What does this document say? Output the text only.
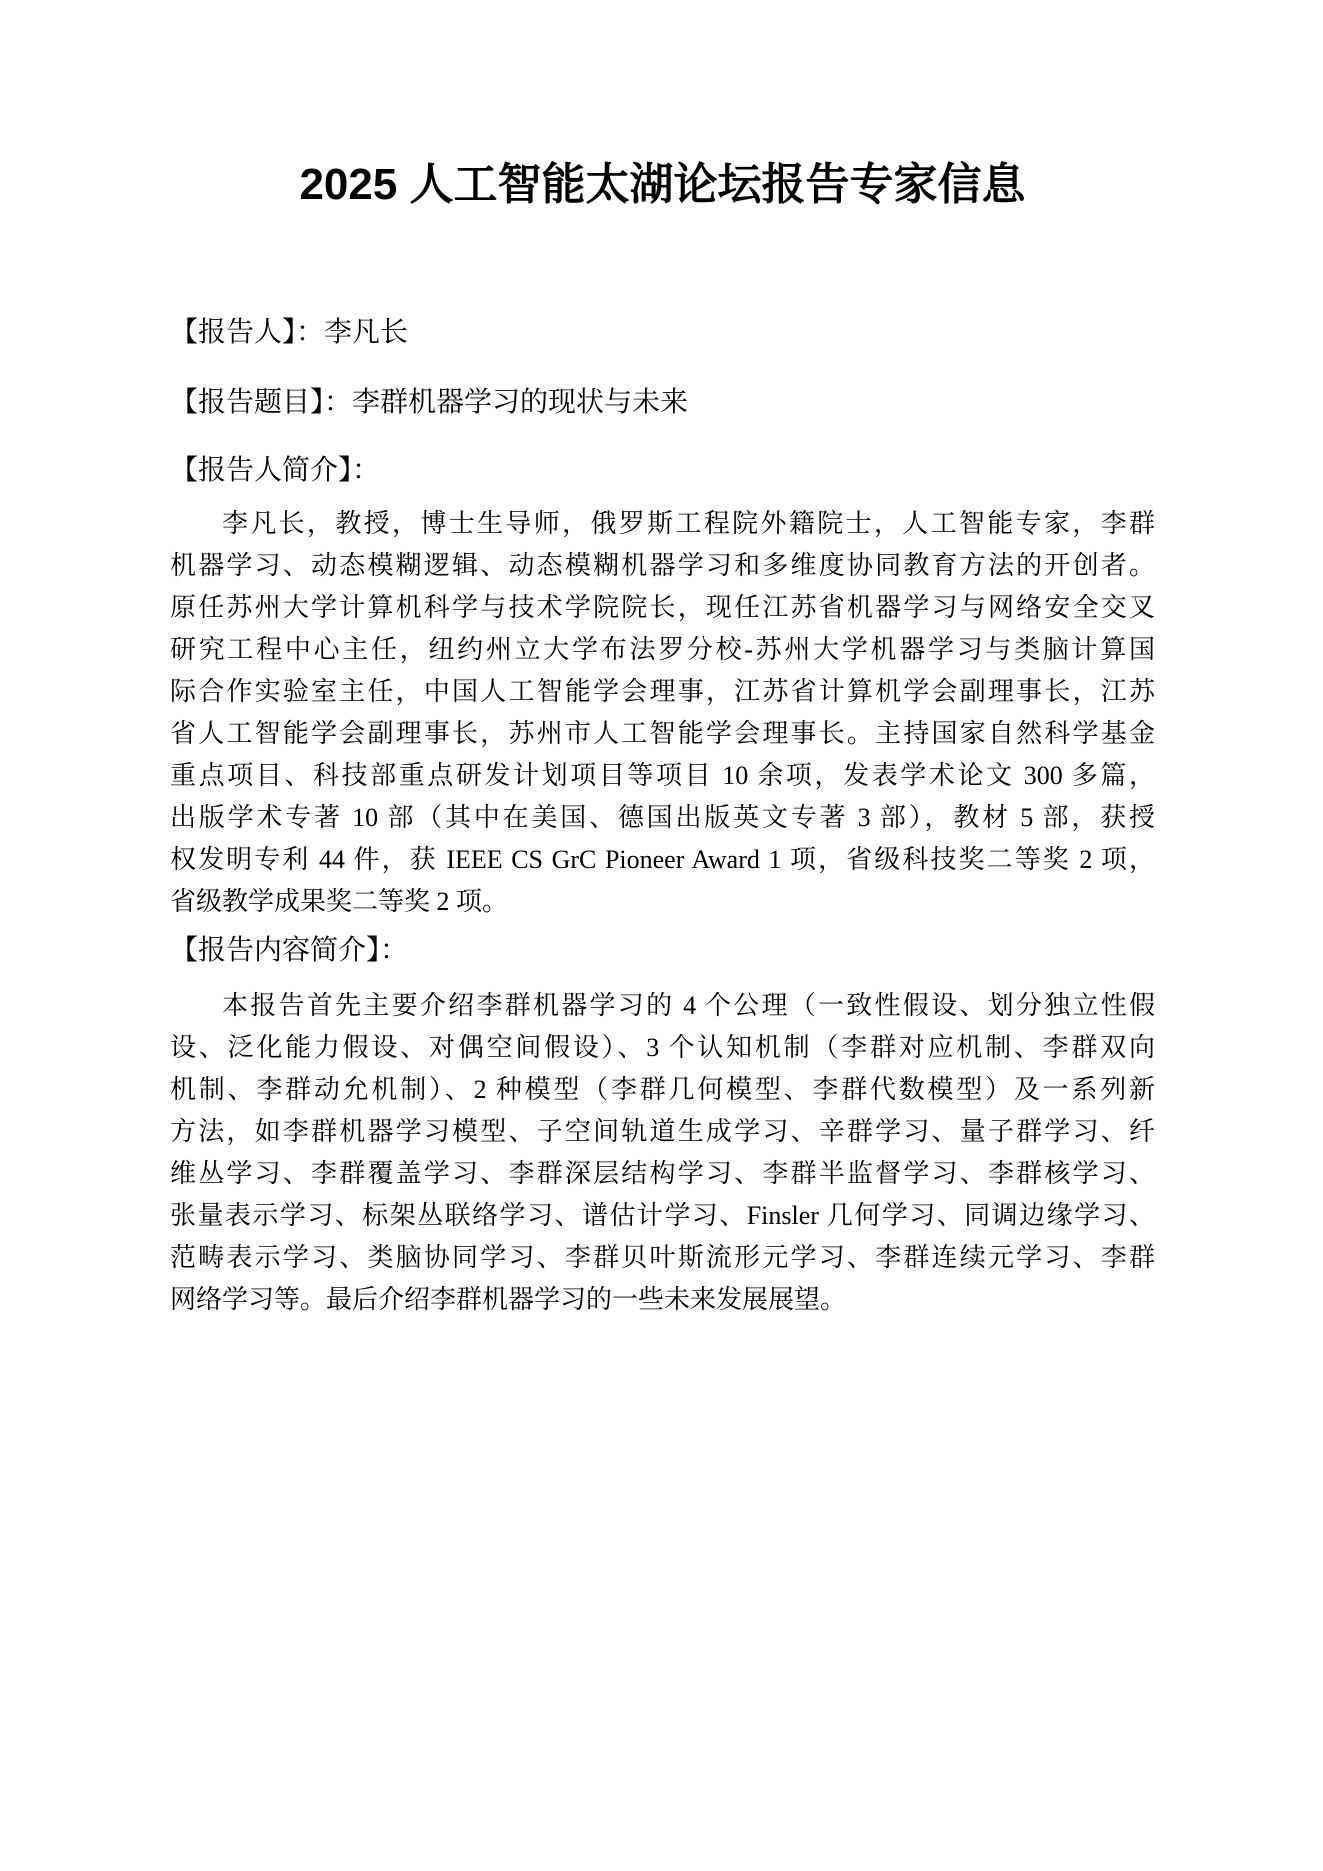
2025 人工智能太湖论坛报告专家信息
【报告人】：李凡长
【报告题目】：李群机器学习的现状与未来
【报告人简介】：
李凡长，教授，博士生导师，俄罗斯工程院外籍院士，人工智能专家，李群
机器学习、动态模糊逻辑、动态模糊机器学习和多维度协同教育方法的开创者。
原任苏州大学计算机科学与技术学院院长，现任江苏省机器学习与网络安全交叉
研究工程中心主任，纽约州立大学布法罗分校-苏州大学机器学习与类脑计算国
际合作实验室主任，中国人工智能学会理事，江苏省计算机学会副理事长，江苏
省人工智能学会副理事长，苏州市人工智能学会理事长。主持国家自然科学基金
重点项目、科技部重点研发计划项目等项目 10 余项，发表学术论文 300 多篇，
出版学术专著 10 部（其中在美国、德国出版英文专著 3 部），教材 5 部，获授
权发明专利 44 件，获 IEEE CS GrC Pioneer Award 1 项，省级科技奖二等奖 2 项，
省级教学成果奖二等奖 2 项。
【报告内容简介】：
本报告首先主要介绍李群机器学习的 4 个公理（一致性假设、划分独立性假
设、泛化能力假设、对偶空间假设）、3 个认知机制（李群对应机制、李群双向
机制、李群动允机制）、2 种模型（李群几何模型、李群代数模型）及一系列新
方法，如李群机器学习模型、子空间轨道生成学习、辛群学习、量子群学习、纤
维丛学习、李群覆盖学习、李群深层结构学习、李群半监督学习、李群核学习、
张量表示学习、标架丛联络学习、谱估计学习、Finsler 几何学习、同调边缘学习、
范畴表示学习、类脑协同学习、李群贝叶斯流形元学习、李群连续元学习、李群
网络学习等。最后介绍李群机器学习的一些未来发展展望。
